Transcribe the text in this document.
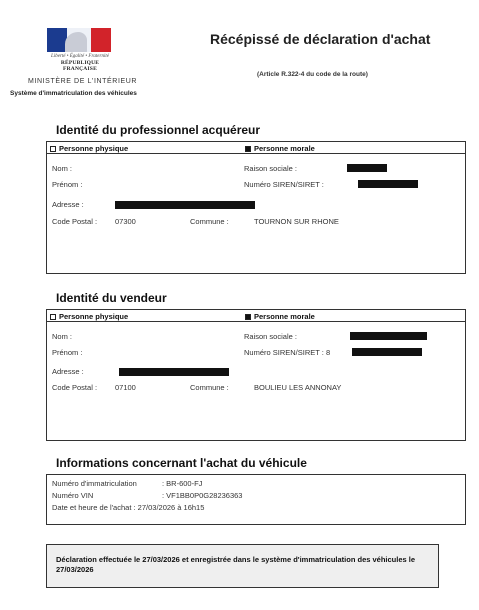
Liberté • Égalité • Fraternité
RÉPUBLIQUE FRANÇAISE
MINISTÈRE DE L'INTÉRIEUR
Système d'immatriculation des véhicules
Récépissé de déclaration d'achat
(Article R.322-4 du code de la route)
Identité du professionnel acquéreur
Personne physique	Personne morale
Nom :
Prénom :
Raison sociale :
Numéro SIREN/SIRET :
Adresse :
Code Postal : 07300	Commune :	TOURNON SUR RHONE
Identité du vendeur
Personne physique	Personne morale
Nom :
Prénom :
Raison sociale :
Numéro SIREN/SIRET : 8
Adresse :
Code Postal : 07100	Commune :	BOULIEU LES ANNONAY
Informations concernant l'achat du véhicule
Numéro d'immatriculation	: BR-600-FJ
Numéro VIN	: VF1BB0P0G28236363
Date et heure de l'achat : 27/03/2026 à 16h15

Déclaration effectuée le 27/03/2026 et enregistrée dans le système d'immatriculation des véhicules le 27/03/2026
